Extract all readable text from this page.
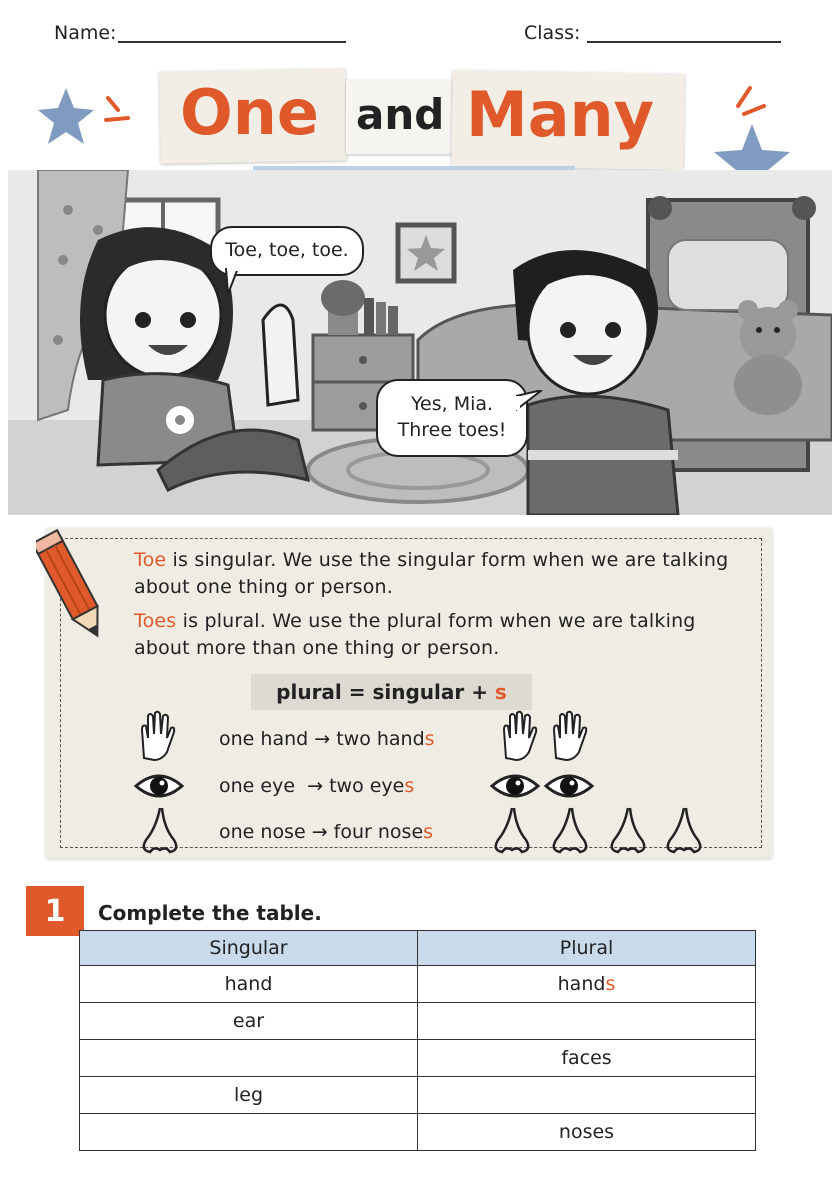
Name:	Class:
One and Many
Toe, toe, toe.
Yes, Mia.
Three toes!
Toe is singular. We use the singular form when we are talking about one thing or person.
Toes is plural. We use the plural form when we are talking about more than one thing or person.
plural = singular + s
one hand → two hands
one eye → two eyes
one nose → four noses
1	Complete the table.
Singular	Plural
hand	hands
ear	
	faces
leg	
	noses
